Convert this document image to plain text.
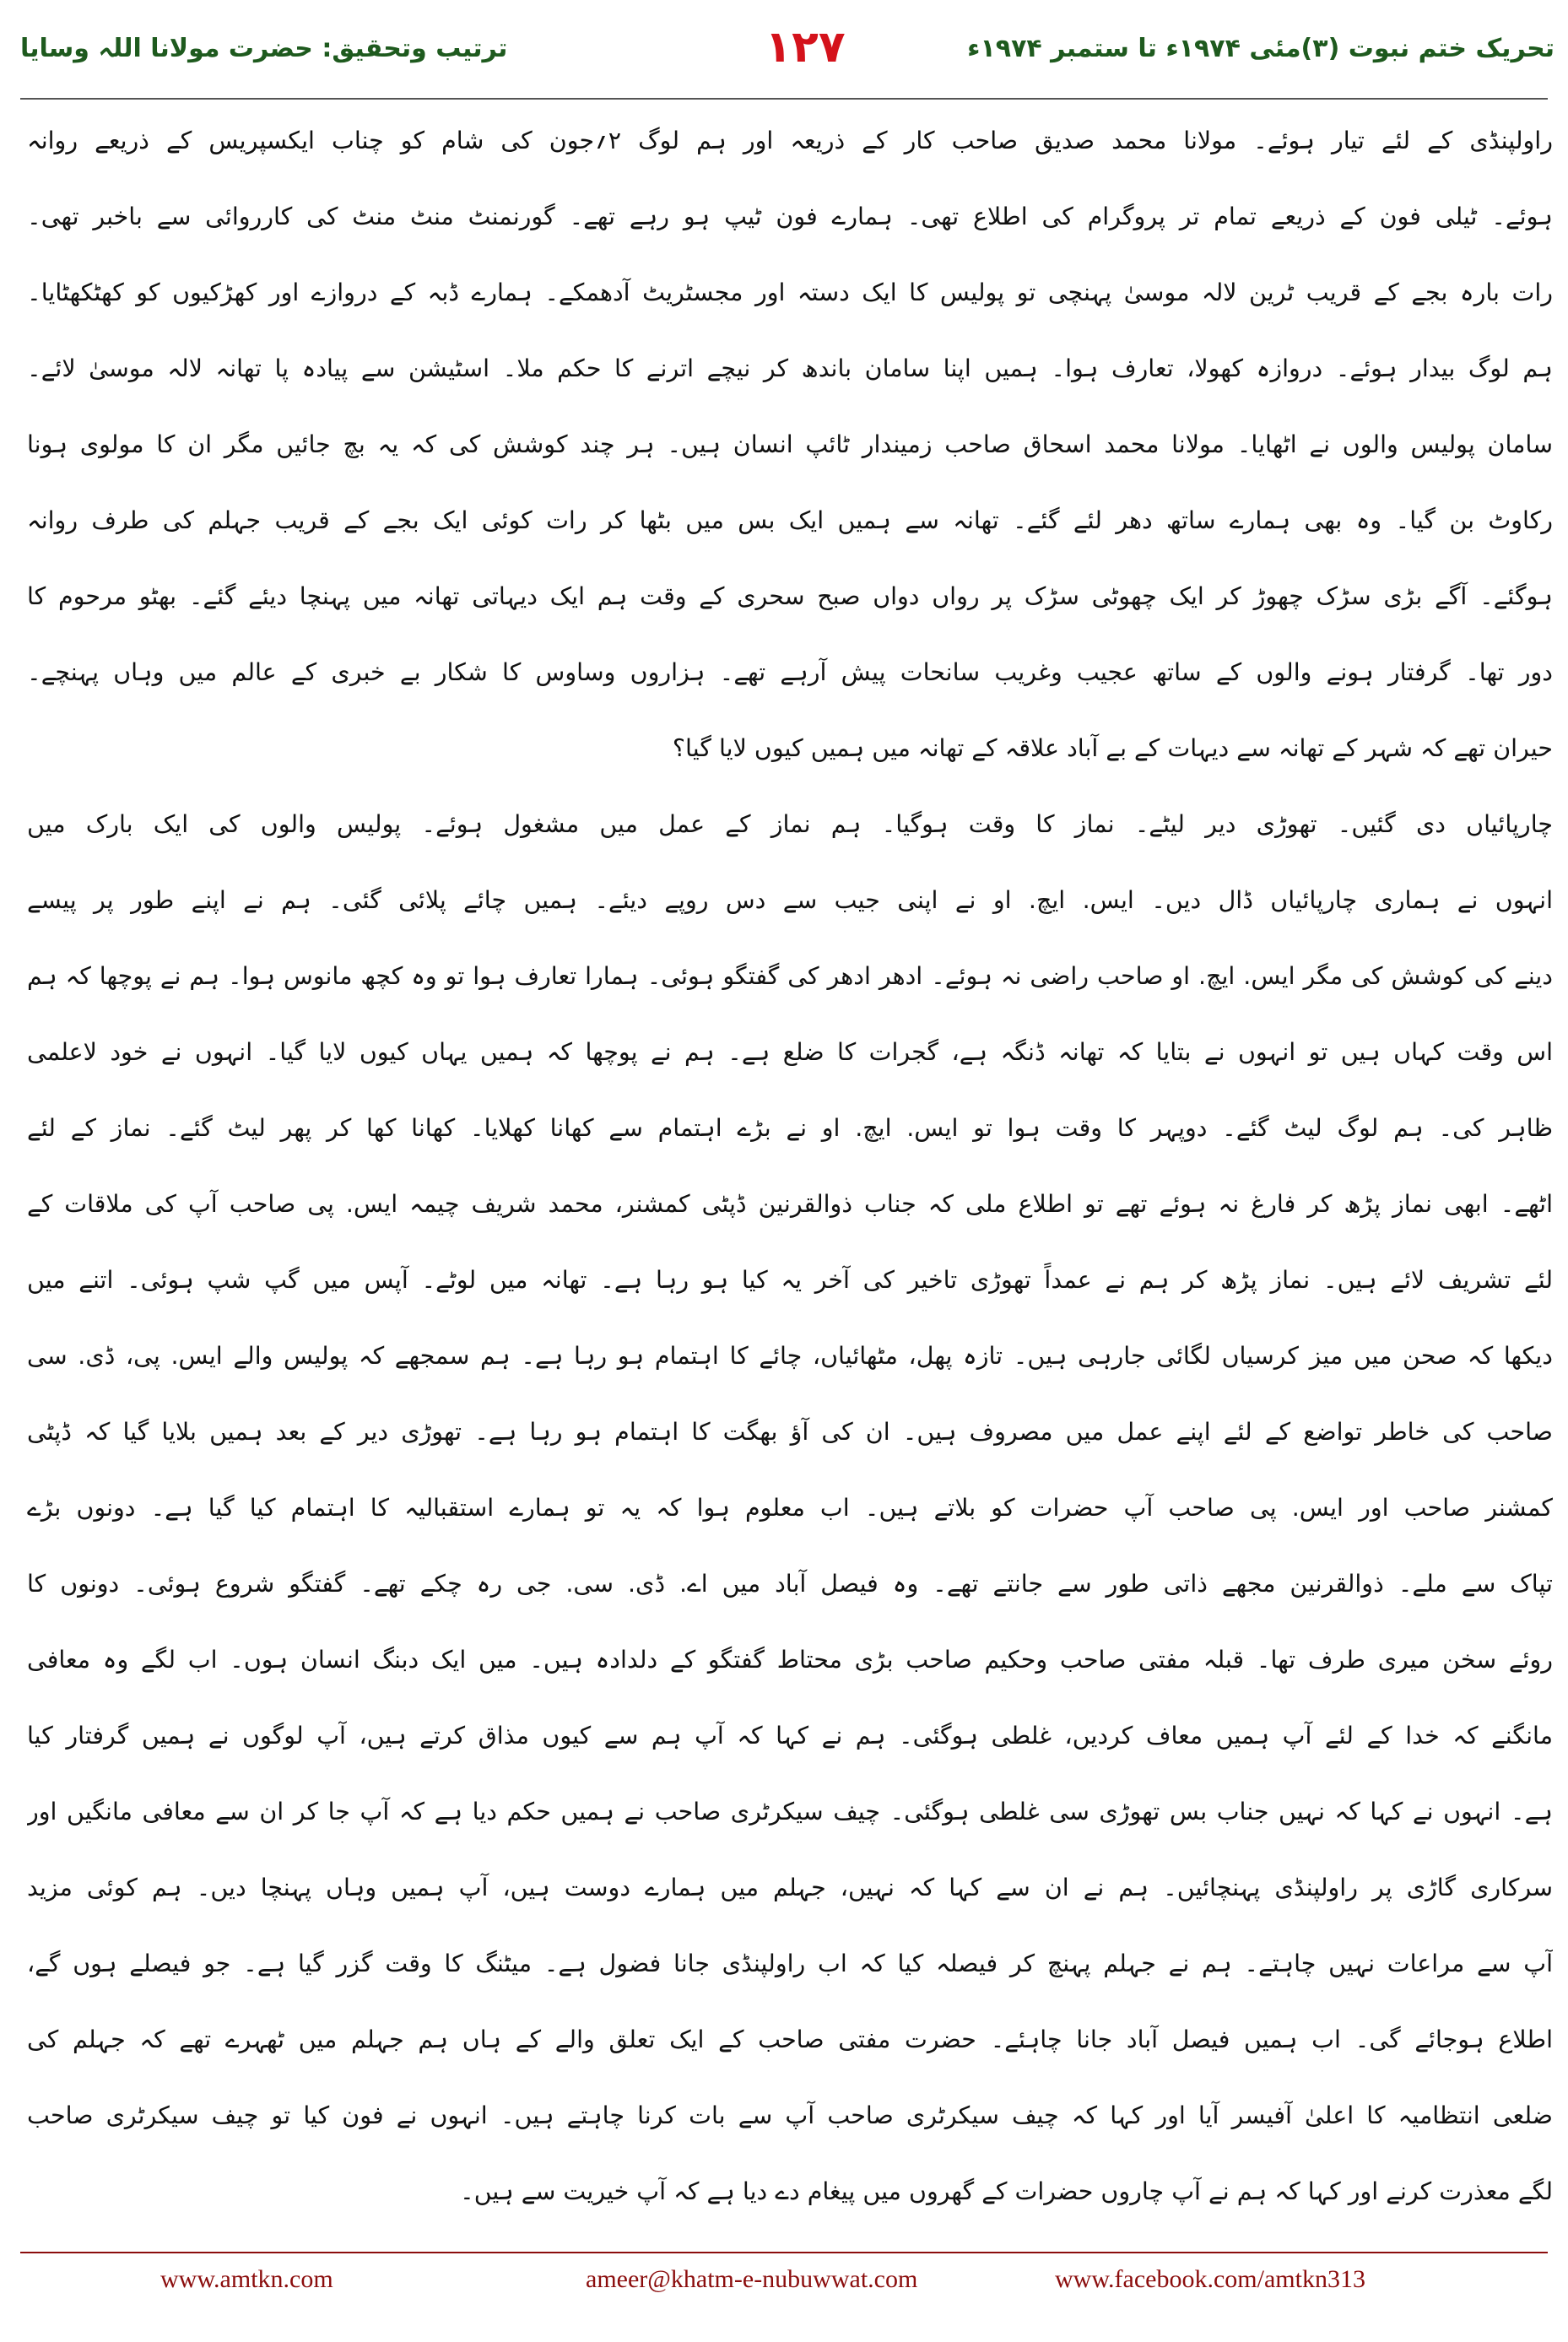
تحریک ختم نبوت (۳)مئی ۱۹۷۴ء تا ستمبر ۱۹۷۴ء
۱۲۷
ترتیب وتحقیق: حضرت مولانا اللہ وسایا
راولپنڈی کے لئے تیار ہوئے۔ مولانا محمد صدیق صاحب کار کے ذریعہ اور ہم لوگ ۲؍جون کی شام کو چناب ایکسپریس کے ذریعے روانہ
ہوئے۔ ٹیلی فون کے ذریعے تمام تر پروگرام کی اطلاع تھی۔ ہمارے فون ٹیپ ہو رہے تھے۔ گورنمنٹ منٹ منٹ کی کارروائی سے باخبر تھی۔
رات بارہ بجے کے قریب ٹرین لالہ موسیٰ پہنچی تو پولیس کا ایک دستہ اور مجسٹریٹ آدھمکے۔ ہمارے ڈبہ کے دروازے اور کھڑکیوں کو کھٹکھٹایا۔
ہم لوگ بیدار ہوئے۔ دروازہ کھولا، تعارف ہوا۔ ہمیں اپنا سامان باندھ کر نیچے اترنے کا حکم ملا۔ اسٹیشن سے پیادہ پا تھانہ لالہ موسیٰ لائے۔
سامان پولیس والوں نے اٹھایا۔ مولانا محمد اسحاق صاحب زمیندار ٹائپ انسان ہیں۔ ہر چند کوشش کی کہ یہ بچ جائیں مگر ان کا مولوی ہونا
رکاوٹ بن گیا۔ وہ بھی ہمارے ساتھ دھر لئے گئے۔ تھانہ سے ہمیں ایک بس میں بٹھا کر رات کوئی ایک بجے کے قریب جہلم کی طرف روانہ
ہوگئے۔ آگے بڑی سڑک چھوڑ کر ایک چھوٹی سڑک پر رواں دواں صبح سحری کے وقت ہم ایک دیہاتی تھانہ میں پہنچا دیئے گئے۔ بھٹو مرحوم کا
دور تھا۔ گرفتار ہونے والوں کے ساتھ عجیب وغریب سانحات پیش آرہے تھے۔ ہزاروں وساوس کا شکار بے خبری کے عالم میں وہاں پہنچے۔
حیران تھے کہ شہر کے تھانہ سے دیہات کے بے آباد علاقہ کے تھانہ میں ہمیں کیوں لایا گیا؟
چارپائیاں دی گئیں۔ تھوڑی دیر لیٹے۔ نماز کا وقت ہوگیا۔ ہم نماز کے عمل میں مشغول ہوئے۔ پولیس والوں کی ایک بارک میں
انہوں نے ہماری چارپائیاں ڈال دیں۔ ایس. ایچ. او نے اپنی جیب سے دس روپے دیئے۔ ہمیں چائے پلائی گئی۔ ہم نے اپنے طور پر پیسے
دینے کی کوشش کی مگر ایس. ایچ. او صاحب راضی نہ ہوئے۔ ادھر ادھر کی گفتگو ہوئی۔ ہمارا تعارف ہوا تو وہ کچھ مانوس ہوا۔ ہم نے پوچھا کہ ہم
اس وقت کہاں ہیں تو انہوں نے بتایا کہ تھانہ ڈنگہ ہے، گجرات کا ضلع ہے۔ ہم نے پوچھا کہ ہمیں یہاں کیوں لایا گیا۔ انہوں نے خود لاعلمی
ظاہر کی۔ ہم لوگ لیٹ گئے۔ دوپہر کا وقت ہوا تو ایس. ایچ. او نے بڑے اہتمام سے کھانا کھلایا۔ کھانا کھا کر پھر لیٹ گئے۔ نماز کے لئے
اٹھے۔ ابھی نماز پڑھ کر فارغ نہ ہوئے تھے تو اطلاع ملی کہ جناب ذوالقرنین ڈپٹی کمشنر، محمد شریف چیمہ ایس. پی صاحب آپ کی ملاقات کے
لئے تشریف لائے ہیں۔ نماز پڑھ کر ہم نے عمداً تھوڑی تاخیر کی آخر یہ کیا ہو رہا ہے۔ تھانہ میں لوٹے۔ آپس میں گپ شپ ہوئی۔ اتنے میں
دیکھا کہ صحن میں میز کرسیاں لگائی جارہی ہیں۔ تازہ پھل، مٹھائیاں، چائے کا اہتمام ہو رہا ہے۔ ہم سمجھے کہ پولیس والے ایس. پی، ڈی. سی
صاحب کی خاطر تواضع کے لئے اپنے عمل میں مصروف ہیں۔ ان کی آؤ بھگت کا اہتمام ہو رہا ہے۔ تھوڑی دیر کے بعد ہمیں بلایا گیا کہ ڈپٹی
کمشنر صاحب اور ایس. پی صاحب آپ حضرات کو بلاتے ہیں۔ اب معلوم ہوا کہ یہ تو ہمارے استقبالیہ کا اہتمام کیا گیا ہے۔ دونوں بڑے
تپاک سے ملے۔ ذوالقرنین مجھے ذاتی طور سے جانتے تھے۔ وہ فیصل آباد میں اے. ڈی. سی. جی رہ چکے تھے۔ گفتگو شروع ہوئی۔ دونوں کا
روئے سخن میری طرف تھا۔ قبلہ مفتی صاحب وحکیم صاحب بڑی محتاط گفتگو کے دلدادہ ہیں۔ میں ایک دبنگ انسان ہوں۔ اب لگے وہ معافی
مانگنے کہ خدا کے لئے آپ ہمیں معاف کردیں، غلطی ہوگئی۔ ہم نے کہا کہ آپ ہم سے کیوں مذاق کرتے ہیں، آپ لوگوں نے ہمیں گرفتار کیا
ہے۔ انہوں نے کہا کہ نہیں جناب بس تھوڑی سی غلطی ہوگئی۔ چیف سیکرٹری صاحب نے ہمیں حکم دیا ہے کہ آپ جا کر ان سے معافی مانگیں اور
سرکاری گاڑی پر راولپنڈی پہنچائیں۔ ہم نے ان سے کہا کہ نہیں، جہلم میں ہمارے دوست ہیں، آپ ہمیں وہاں پہنچا دیں۔ ہم کوئی مزید
آپ سے مراعات نہیں چاہتے۔ ہم نے جہلم پہنچ کر فیصلہ کیا کہ اب راولپنڈی جانا فضول ہے۔ میٹنگ کا وقت گزر گیا ہے۔ جو فیصلے ہوں گے،
اطلاع ہوجائے گی۔ اب ہمیں فیصل آباد جانا چاہئے۔ حضرت مفتی صاحب کے ایک تعلق والے کے ہاں ہم جہلم میں ٹھہرے تھے کہ جہلم کی
ضلعی انتظامیہ کا اعلیٰ آفیسر آیا اور کہا کہ چیف سیکرٹری صاحب آپ سے بات کرنا چاہتے ہیں۔ انہوں نے فون کیا تو چیف سیکرٹری صاحب
لگے معذرت کرنے اور کہا کہ ہم نے آپ چاروں حضرات کے گھروں میں پیغام دے دیا ہے کہ آپ خیریت سے ہیں۔
www.amtkn.com	ameer@khatm-e-nubuwwat.com	www.facebook.com/amtkn313
